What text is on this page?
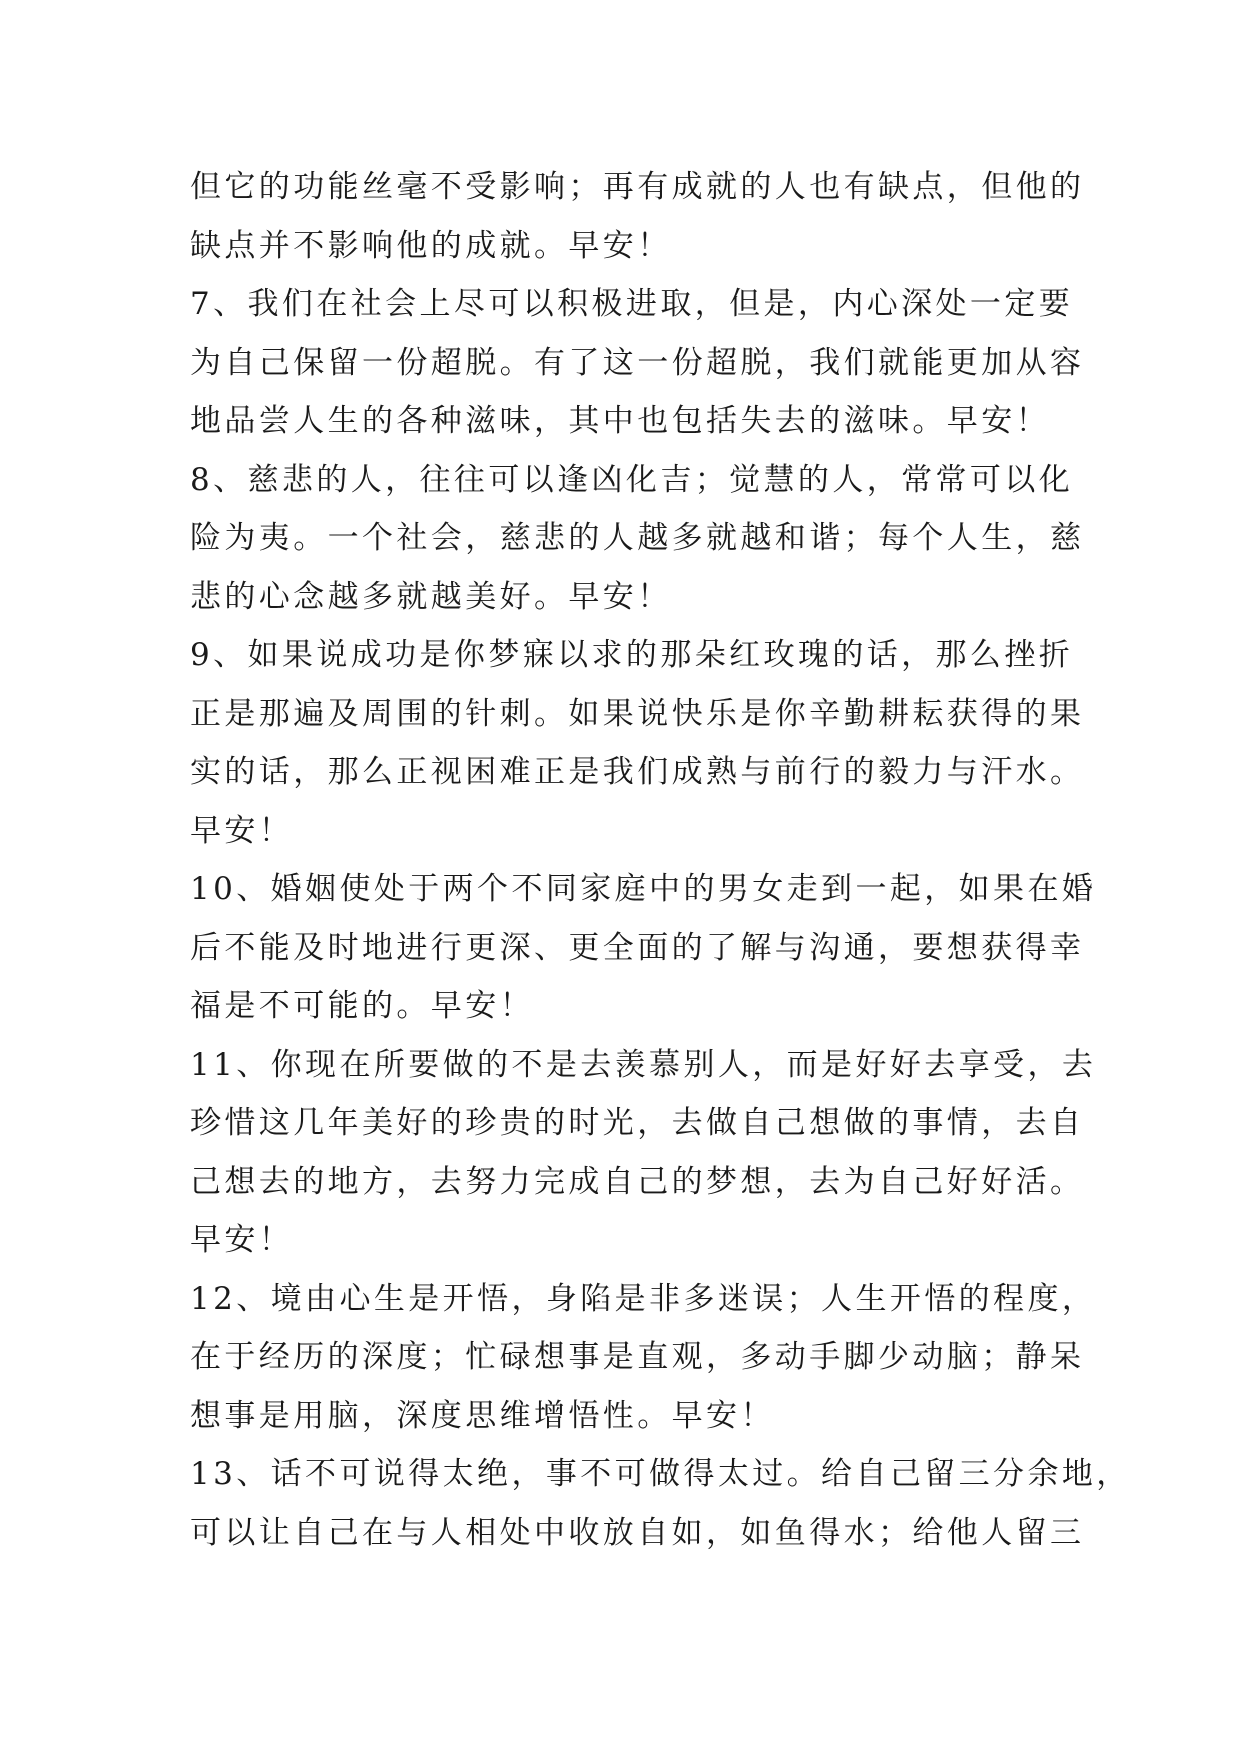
但它的功能丝毫不受影响；再有成就的人也有缺点，但他的
缺点并不影响他的成就。早安！
7、我们在社会上尽可以积极进取，但是，内心深处一定要
为自己保留一份超脱。有了这一份超脱，我们就能更加从容
地品尝人生的各种滋味，其中也包括失去的滋味。早安！
8、慈悲的人，往往可以逢凶化吉；觉慧的人，常常可以化
险为夷。一个社会，慈悲的人越多就越和谐；每个人生，慈
悲的心念越多就越美好。早安！
9、如果说成功是你梦寐以求的那朵红玫瑰的话，那么挫折
正是那遍及周围的针刺。如果说快乐是你辛勤耕耘获得的果
实的话，那么正视困难正是我们成熟与前行的毅力与汗水。
早安！
10、婚姻使处于两个不同家庭中的男女走到一起，如果在婚
后不能及时地进行更深、更全面的了解与沟通，要想获得幸
福是不可能的。早安！
11、你现在所要做的不是去羡慕别人，而是好好去享受，去
珍惜这几年美好的珍贵的时光，去做自己想做的事情，去自
己想去的地方，去努力完成自己的梦想，去为自己好好活。
早安！
12、境由心生是开悟，身陷是非多迷误；人生开悟的程度，
在于经历的深度；忙碌想事是直观，多动手脚少动脑；静呆
想事是用脑，深度思维增悟性。早安！
13、话不可说得太绝，事不可做得太过。给自己留三分余地，
可以让自己在与人相处中收放自如，如鱼得水；给他人留三
